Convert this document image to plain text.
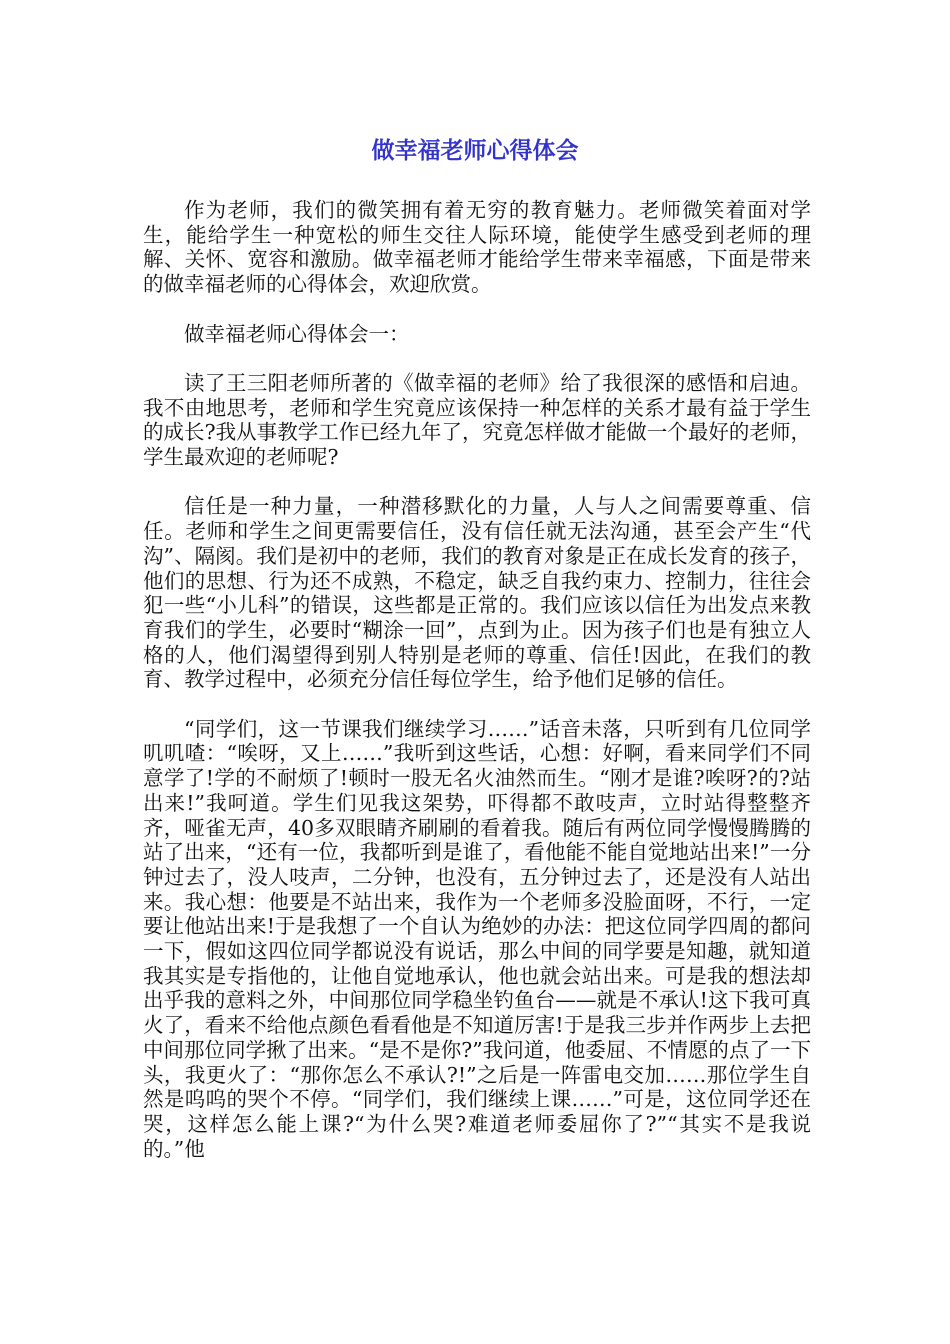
做幸福老师心得体会

作为老师，我们的微笑拥有着无穷的教育魅力。老师微笑着面对学生，能给学生一种宽松的师生交往人际环境，能使学生感受到老师的理解、关怀、宽容和激励。做幸福老师才能给学生带来幸福感，下面是带来的做幸福老师的心得体会，欢迎欣赏。

做幸福老师心得体会一：

读了王三阳老师所著的《做幸福的老师》给了我很深的感悟和启迪。我不由地思考，老师和学生究竟应该保持一种怎样的关系才最有益于学生的成长?我从事教学工作已经九年了，究竟怎样做才能做一个最好的老师，学生最欢迎的老师呢?

信任是一种力量，一种潜移默化的力量，人与人之间需要尊重、信任。老师和学生之间更需要信任，没有信任就无法沟通，甚至会产生“代沟”、隔阂。我们是初中的老师，我们的教育对象是正在成长发育的孩子，他们的思想、行为还不成熟，不稳定，缺乏自我约束力、控制力，往往会犯一些“小儿科”的错误，这些都是正常的。我们应该以信任为出发点来教育我们的学生，必要时“糊涂一回”，点到为止。因为孩子们也是有独立人格的人，他们渴望得到别人特别是老师的尊重、信任!因此，在我们的教育、教学过程中，必须充分信任每位学生，给予他们足够的信任。

“同学们，这一节课我们继续学习……”话音未落，只听到有几位同学叽叽喳：“唉呀，又上……”我听到这些话，心想：好啊，看来同学们不同意学了!学的不耐烦了!顿时一股无名火油然而生。“刚才是谁?唉呀?的?站出来!”我呵道。学生们见我这架势，吓得都不敢吱声，立时站得整整齐齐，哑雀无声，40多双眼睛齐刷刷的看着我。随后有两位同学慢慢腾腾的站了出来，“还有一位，我都听到是谁了，看他能不能自觉地站出来!”一分钟过去了，没人吱声，二分钟，也没有，五分钟过去了，还是没有人站出来。我心想：他要是不站出来，我作为一个老师多没脸面呀，不行，一定要让他站出来!于是我想了一个自认为绝妙的办法：把这位同学四周的都问一下，假如这四位同学都说没有说话，那么中间的同学要是知趣，就知道我其实是专指他的，让他自觉地承认，他也就会站出来。可是我的想法却出乎我的意料之外，中间那位同学稳坐钓鱼台——就是不承认!这下我可真火了，看来不给他点颜色看看他是不知道厉害!于是我三步并作两步上去把中间那位同学揪了出来。“是不是你?”我问道，他委屈、不情愿的点了一下头，我更火了：“那你怎么不承认?!”之后是一阵雷电交加……那位学生自然是呜呜的哭个不停。“同学们，我们继续上课……”可是，这位同学还在哭，这样怎么能上课?“为什么哭?难道老师委屈你了?”“其实不是我说的。”他
